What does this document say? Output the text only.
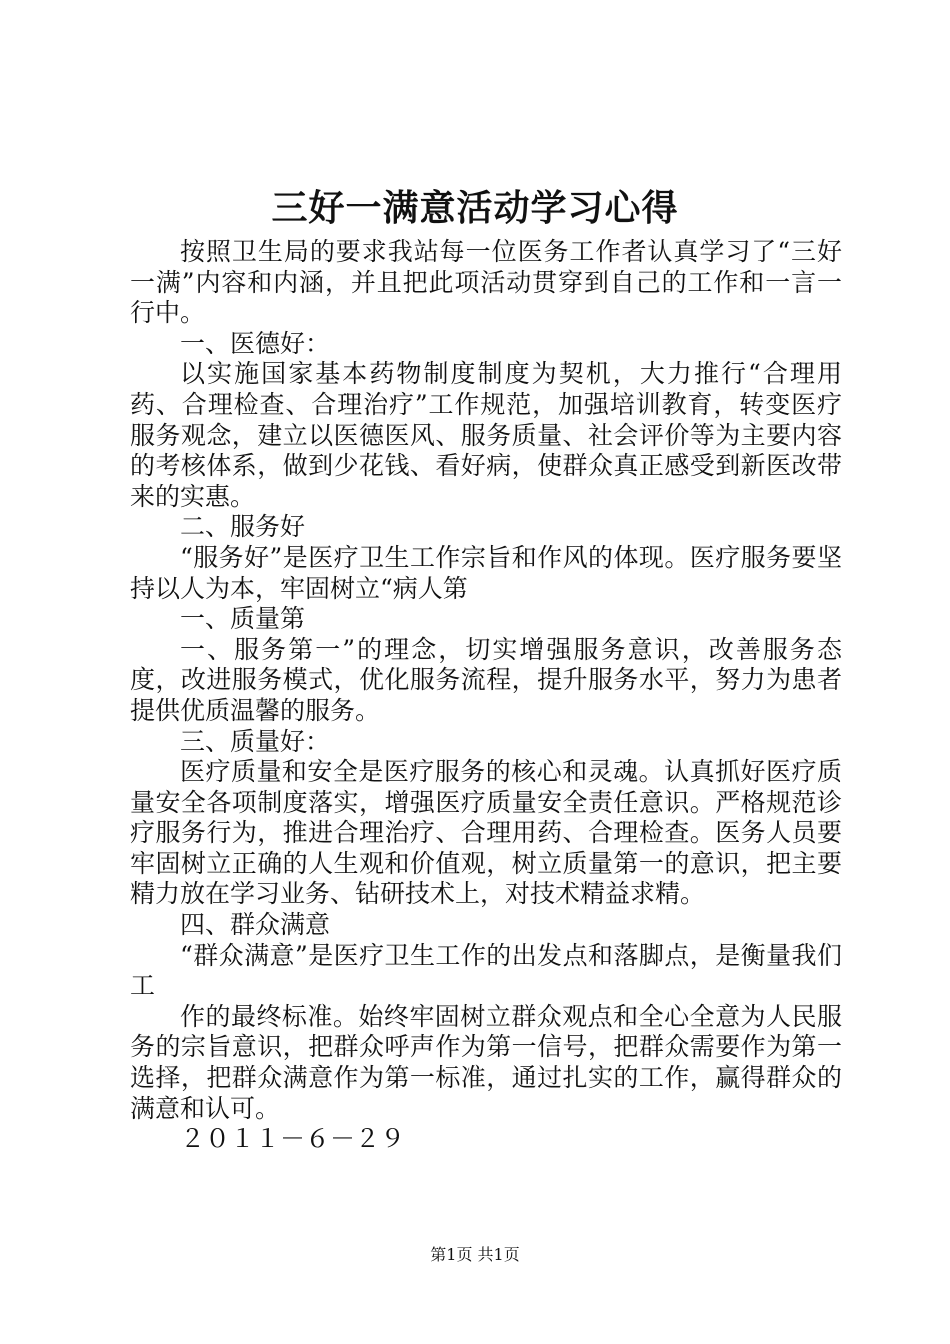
三好一满意活动学习心得

按照卫生局的要求我站每一位医务工作者认真学习了“三好一满”内容和内涵，并且把此项活动贯穿到自己的工作和一言一行中。

一、医德好：

以实施国家基本药物制度制度为契机，大力推行“合理用药、合理检查、合理治疗”工作规范，加强培训教育，转变医疗服务观念，建立以医德医风、服务质量、社会评价等为主要内容的考核体系，做到少花钱、看好病，使群众真正感受到新医改带来的实惠。

二、服务好

“服务好”是医疗卫生工作宗旨和作风的体现。医疗服务要坚持以人为本，牢固树立“病人第

一、质量第

一、服务第一”的理念，切实增强服务意识，改善服务态度，改进服务模式，优化服务流程，提升服务水平，努力为患者提供优质温馨的服务。

三、质量好：

医疗质量和安全是医疗服务的核心和灵魂。认真抓好医疗质量安全各项制度落实，增强医疗质量安全责任意识。严格规范诊疗服务行为，推进合理治疗、合理用药、合理检查。医务人员要牢固树立正确的人生观和价值观，树立质量第一的意识，把主要精力放在学习业务、钻研技术上，对技术精益求精。

四、群众满意

“群众满意”是医疗卫生工作的出发点和落脚点，是衡量我们工

作的最终标准。始终牢固树立群众观点和全心全意为人民服务的宗旨意识，把群众呼声作为第一信号，把群众需要作为第一选择，把群众满意作为第一标准，通过扎实的工作，赢得群众的满意和认可。

２０１１－６－２９

第1页 共1页
